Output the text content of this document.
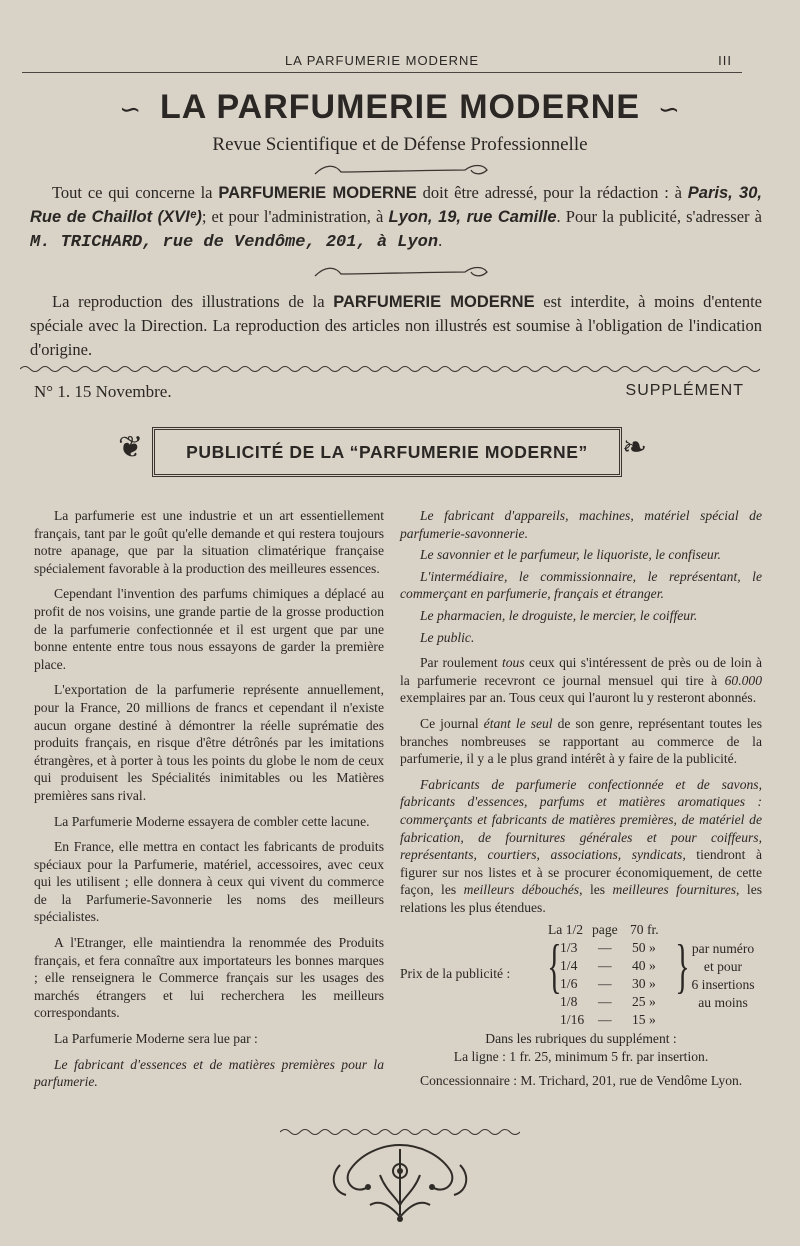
LA PARFUMERIE MODERNE	III
∽ LA PARFUMERIE MODERNE ∽
Revue Scientifique et de Défense Professionnelle
Tout ce qui concerne la PARFUMERIE MODERNE doit être adressé, pour la rédaction : à Paris, 30, Rue de Chaillot (XVIᵉ); et pour l'administration, à Lyon, 19, rue Camille. Pour la publicité, s'adresser à M. TRICHARD, rue de Vendôme, 201, à Lyon.
La reproduction des illustrations de la PARFUMERIE MODERNE est interdite, à moins d'entente spéciale avec la Direction. La reproduction des articles non illustrés est soumise à l'obligation de l'indication d'origine.
N° 1. 15 Novembre.	SUPPLÉMENT
❦	PUBLICITÉ DE LA “PARFUMERIE MODERNE”	❧

La parfumerie est une industrie et un art essentiellement français, tant par le goût qu'elle demande et qui restera toujours notre apanage, que par la situation climatérique française spécialement favorable à la production des meilleures essences.

Cependant l'invention des parfums chimiques a déplacé au profit de nos voisins, une grande partie de la grosse production de la parfumerie confectionnée et il est urgent que par une bonne entente entre tous nous essayons de garder la première place.

L'exportation de la parfumerie représente annuellement, pour la France, 20 millions de francs et cependant il n'existe aucun organe destiné à démontrer la réelle suprématie des produits français, en risque d'être détrônés par les imitations étrangères, et à porter à tous les points du globe le nom de ceux qui produisent les Spécialités inimitables ou les Matières premières sans rival.

La Parfumerie Moderne essayera de combler cette lacune.

En France, elle mettra en contact les fabricants de produits spéciaux pour la Parfumerie, matériel, accessoires, avec ceux qui les utilisent ; elle donnera à ceux qui vivent du commerce de la Parfumerie-Savonnerie les noms des meilleurs spécialistes.

A l'Etranger, elle maintiendra la renommée des Produits français, et fera connaître aux importateurs les bonnes marques ; elle renseignera le Commerce français sur les usages des marchés étrangers et lui recherchera les meilleurs correspondants.

La Parfumerie Moderne sera lue par :

Le fabricant d'essences et de matières premières pour la parfumerie.

Le fabricant d'appareils, machines, matériel spécial de parfumerie-savonnerie.

Le savonnier et le parfumeur, le liquoriste, le confiseur.

L'intermédiaire, le commissionnaire, le représentant, le commerçant en parfumerie, français et étranger.

Le pharmacien, le droguiste, le mercier, le coiffeur.

Le public.

Par roulement tous ceux qui s'intéressent de près ou de loin à la parfumerie recevront ce journal mensuel qui tire à 60.000 exemplaires par an. Tous ceux qui l'auront lu y resteront abonnés.

Ce journal étant le seul de son genre, représentant toutes les branches nombreuses se rapportant au commerce de la parfumerie, il y a le plus grand intérêt à y faire de la publicité.

Fabricants de parfumerie confectionnée et de savons, fabricants d'essences, parfums et matières aromatiques : commerçants et fabricants de matières premières, de matériel de fabrication, de fournitures générales et pour coiffeurs, représentants, courtiers, associations, syndicats, tiendront à figurer sur nos listes et à se procurer économiquement, de cette façon, les meilleurs débouchés, les meilleures fournitures, les relations les plus étendues.

Prix de la publicité : {
La 1/2 page 70 fr.
1/3 — 50 »
1/4 — 40 »
1/6 — 30 »
1/8 — 25 »
1/16 — 15 »
} par numéro
et pour
6 insertions
au moins
Dans les rubriques du supplément :
La ligne : 1 fr. 25, minimum 5 fr. par insertion.
Concessionnaire : M. Trichard, 201, rue de Vendôme Lyon.
